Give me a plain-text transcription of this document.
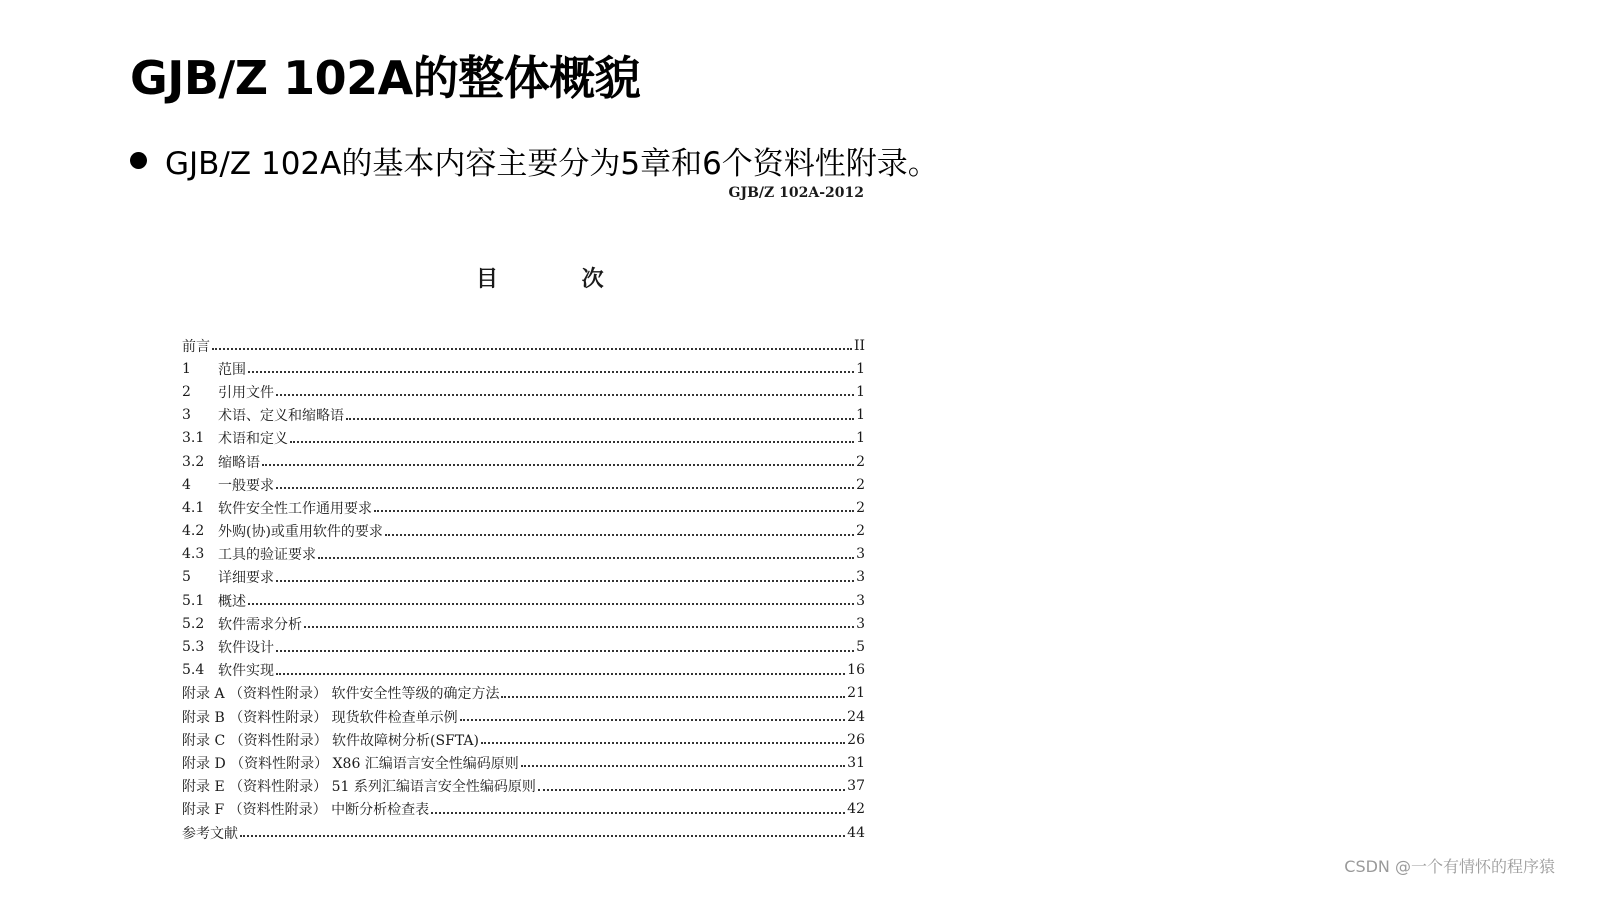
GJB/Z 102A的整体概貌
GJB/Z 102A的基本内容主要分为5章和6个资料性附录。
GJB/Z 102A-2012
目 次
前言	II
1	范围	1
2	引用文件	1
3	术语、定义和缩略语	1
3.1 术语和定义	1
3.2 缩略语	2
4	一般要求	2
4.1 软件安全性工作通用要求	2
4.2 外购(协)或重用软件的要求	2
4.3 工具的验证要求	3
5	详细要求	3
5.1 概述	3
5.2 软件需求分析	3
5.3 软件设计	5
5.4 软件实现	16
附录 A （资料性附录） 软件安全性等级的确定方法	21
附录 B （资料性附录） 现货软件检查单示例	24
附录 C （资料性附录） 软件故障树分析(SFTA)	26
附录 D （资料性附录） X86 汇编语言安全性编码原则	31
附录 E （资料性附录） 51 系列汇编语言安全性编码原则	37
附录 F （资料性附录） 中断分析检查表	42
参考文献	44
CSDN @一个有情怀的程序猿
